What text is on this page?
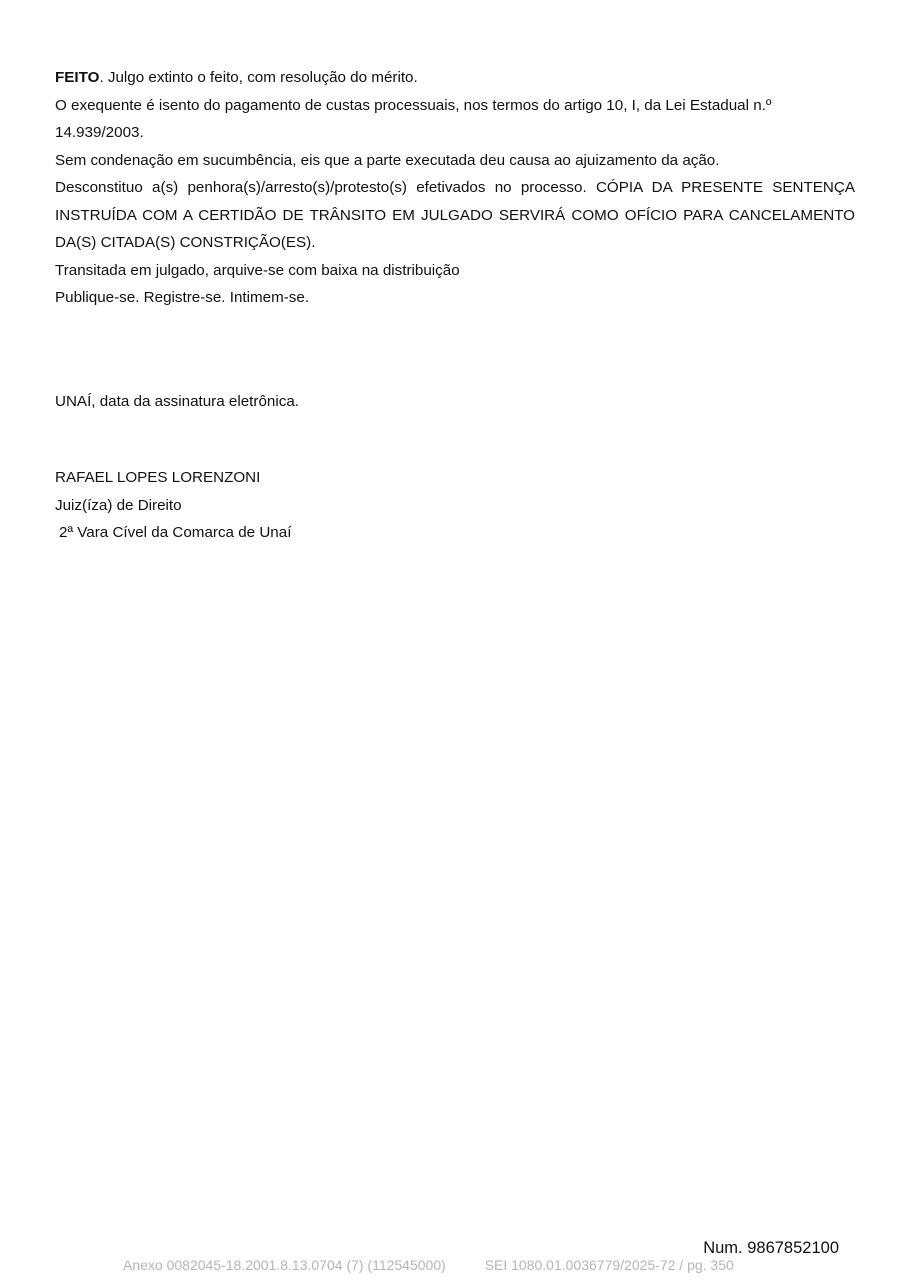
FEITO. Julgo extinto o feito, com resolução do mérito.

O exequente é isento do pagamento de custas processuais, nos termos do artigo 10, I, da Lei Estadual n.º 14.939/2003.

Sem condenação em sucumbência, eis que a parte executada deu causa ao ajuizamento da ação.

Desconstituo a(s) penhora(s)/arresto(s)/protesto(s) efetivados no processo. CÓPIA DA PRESENTE SENTENÇA INSTRUÍDA COM A CERTIDÃO DE TRÂNSITO EM JULGADO SERVIRÁ COMO OFÍCIO PARA CANCELAMENTO DA(S) CITADA(S) CONSTRIÇÃO(ES).

Transitada em julgado, arquive-se com baixa na distribuição

Publique-se. Registre-se. Intimem-se.

UNAÍ, data da assinatura eletrônica.

RAFAEL LOPES LORENZONI

Juiz(íza) de Direito

2ª Vara Cível da Comarca de Unaí

Num. 9867852100
Anexo 0082045-18.2001.8.13.0704 (7) (112545000)	SEI 1080.01.0036779/2025-72 / pg. 350
